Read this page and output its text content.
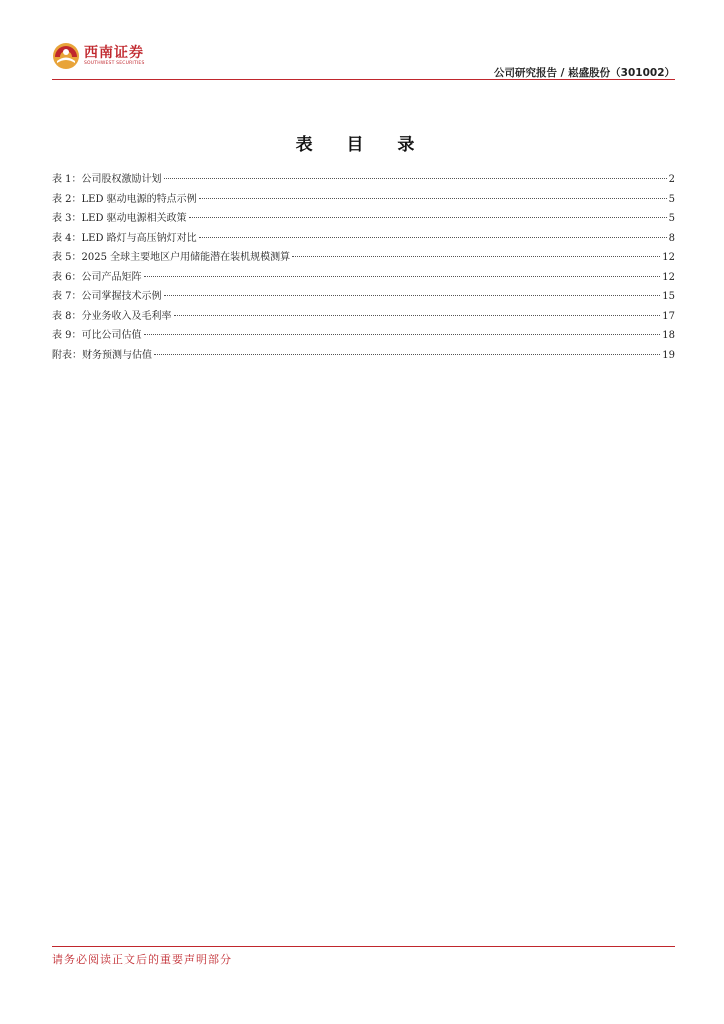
西南证券
SOUTHWEST SECURITIES
公司研究报告 / 崧盛股份（301002）
表 目 录
表 1：公司股权激励计划	2
表 2：LED 驱动电源的特点示例	5
表 3：LED 驱动电源相关政策	5
表 4：LED 路灯与高压钠灯对比	8
表 5：2025 全球主要地区户用储能潜在装机规模测算	12
表 6：公司产品矩阵	12
表 7：公司掌握技术示例	15
表 8：分业务收入及毛利率	17
表 9：可比公司估值	18
附表：财务预测与估值	19
请务必阅读正文后的重要声明部分
